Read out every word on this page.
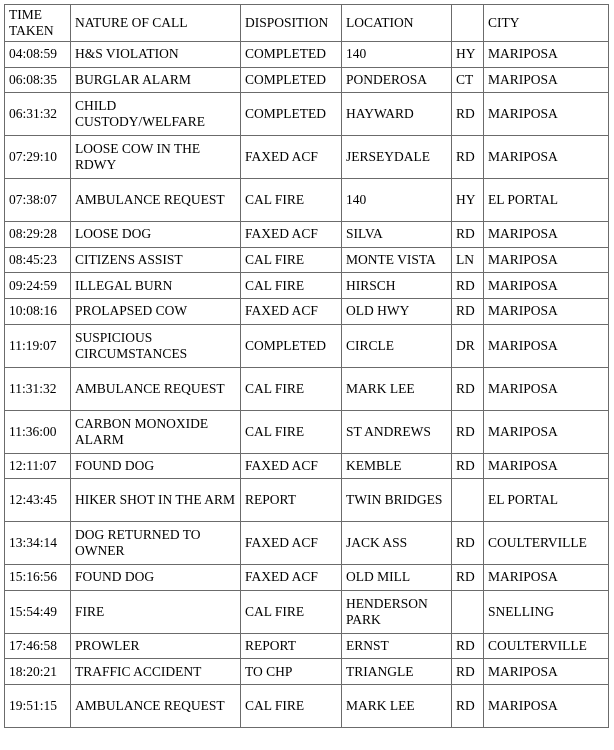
TIME TAKEN	NATURE OF CALL	DISPOSITION	LOCATION		CITY
04:08:59	H&S VIOLATION	COMPLETED	140	HY	MARIPOSA
06:08:35	BURGLAR ALARM	COMPLETED	PONDEROSA	CT	MARIPOSA
06:31:32	CHILD CUSTODY/WELFARE	COMPLETED	HAYWARD	RD	MARIPOSA
07:29:10	LOOSE COW IN THE RDWY	FAXED ACF	JERSEYDALE	RD	MARIPOSA
07:38:07	AMBULANCE REQUEST	CAL FIRE	140	HY	EL PORTAL
08:29:28	LOOSE DOG	FAXED ACF	SILVA	RD	MARIPOSA
08:45:23	CITIZENS ASSIST	CAL FIRE	MONTE VISTA	LN	MARIPOSA
09:24:59	ILLEGAL BURN	CAL FIRE	HIRSCH	RD	MARIPOSA
10:08:16	PROLAPSED COW	FAXED ACF	OLD HWY	RD	MARIPOSA
11:19:07	SUSPICIOUS CIRCUMSTANCES	COMPLETED	CIRCLE	DR	MARIPOSA
11:31:32	AMBULANCE REQUEST	CAL FIRE	MARK LEE	RD	MARIPOSA
11:36:00	CARBON MONOXIDE ALARM	CAL FIRE	ST ANDREWS	RD	MARIPOSA
12:11:07	FOUND DOG	FAXED ACF	KEMBLE	RD	MARIPOSA
12:43:45	HIKER SHOT IN THE ARM	REPORT	TWIN BRIDGES		EL PORTAL
13:34:14	DOG RETURNED TO OWNER	FAXED ACF	JACK ASS	RD	COULTERVILLE
15:16:56	FOUND DOG	FAXED ACF	OLD MILL	RD	MARIPOSA
15:54:49	FIRE	CAL FIRE	HENDERSON PARK		SNELLING
17:46:58	PROWLER	REPORT	ERNST	RD	COULTERVILLE
18:20:21	TRAFFIC ACCIDENT	TO CHP	TRIANGLE	RD	MARIPOSA
19:51:15	AMBULANCE REQUEST	CAL FIRE	MARK LEE	RD	MARIPOSA
